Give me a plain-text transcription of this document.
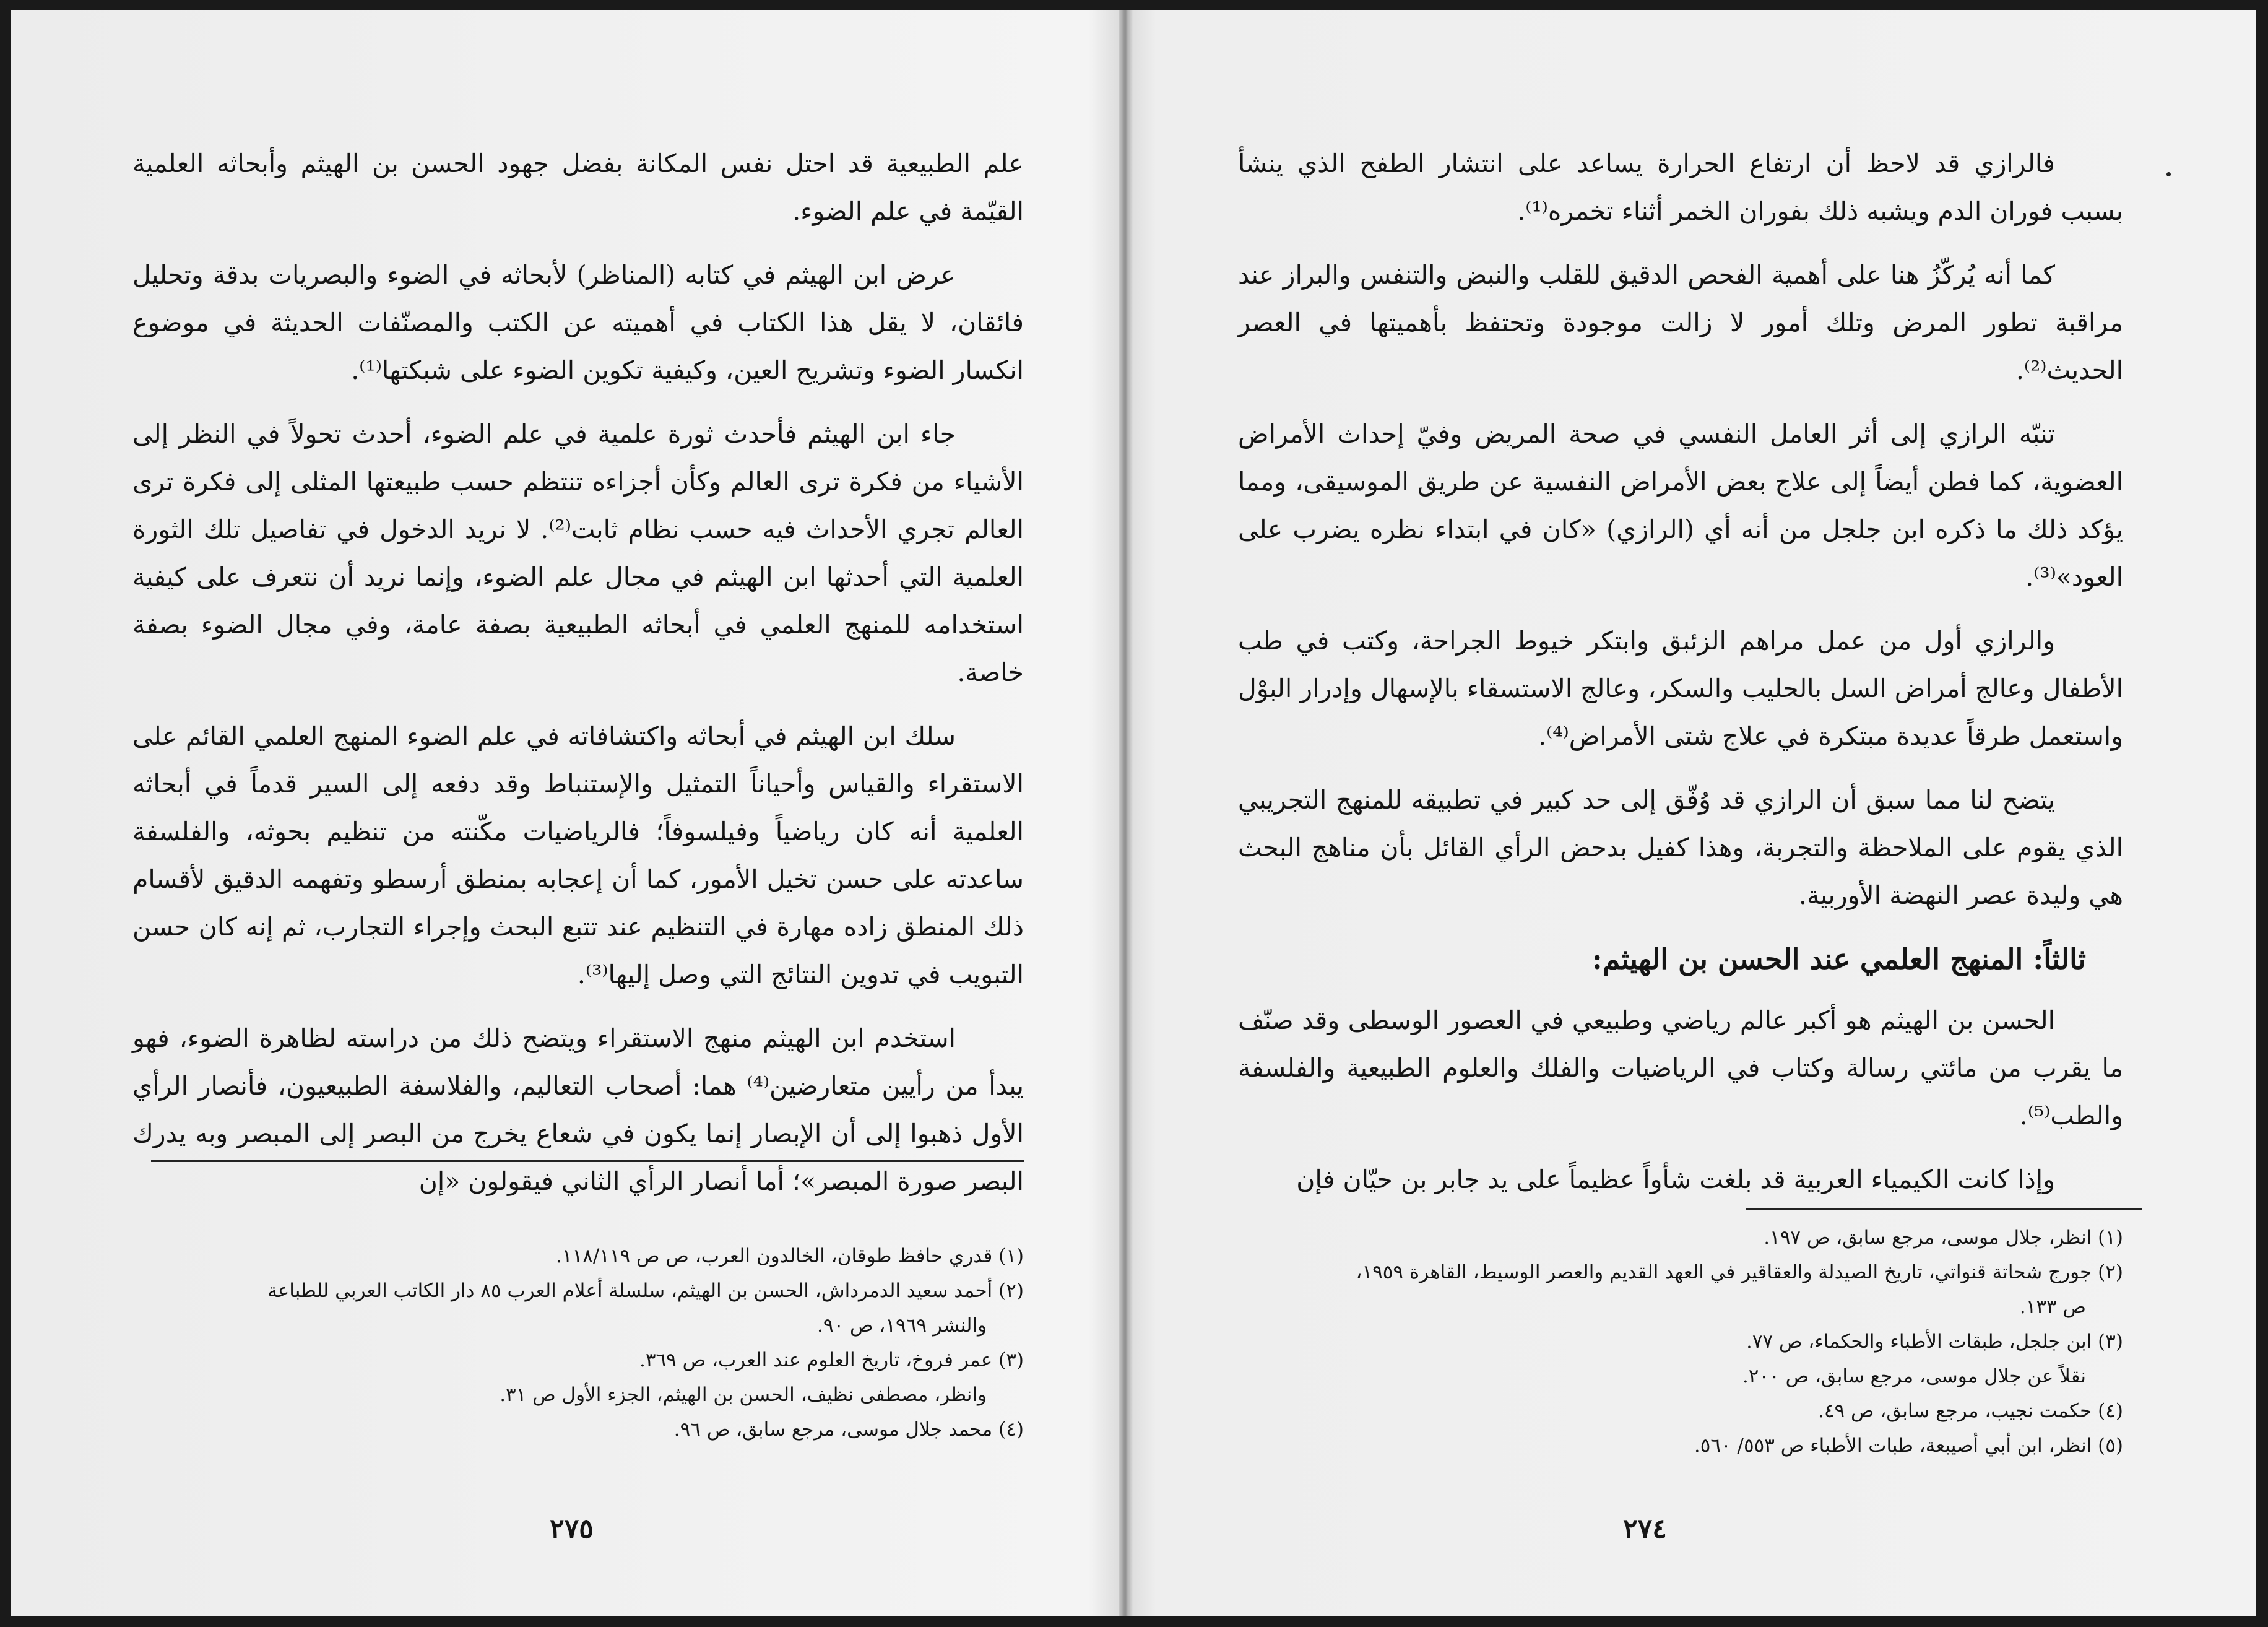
علم الطبيعية قد احتل نفس المكانة بفضل جهود الحسن بن الهيثم وأبحاثه العلمية القيّمة في علم الضوء.

عرض ابن الهيثم في كتابه (المناظر) لأبحاثه في الضوء والبصريات بدقة وتحليل فائقان، لا يقل هذا الكتاب في أهميته عن الكتب والمصنّفات الحديثة في موضوع انكسار الضوء وتشريح العين، وكيفية تكوين الضوء على شبكتها⁽¹⁾.

جاء ابن الهيثم فأحدث ثورة علمية في علم الضوء، أحدث تحولاً في النظر إلى الأشياء من فكرة ترى العالم وكأن أجزاءه تنتظم حسب طبيعتها المثلى إلى فكرة ترى العالم تجري الأحداث فيه حسب نظام ثابت⁽²⁾. لا نريد الدخول في تفاصيل تلك الثورة العلمية التي أحدثها ابن الهيثم في مجال علم الضوء، وإنما نريد أن نتعرف على كيفية استخدامه للمنهج العلمي في أبحاثه الطبيعية بصفة عامة، وفي مجال الضوء بصفة خاصة.

سلك ابن الهيثم في أبحاثه واكتشافاته في علم الضوء المنهج العلمي القائم على الاستقراء والقياس وأحياناً التمثيل والإستنباط وقد دفعه إلى السير قدماً في أبحاثه العلمية أنه كان رياضياً وفيلسوفاً؛ فالرياضيات مكّنته من تنظيم بحوثه، والفلسفة ساعدته على حسن تخيل الأمور، كما أن إعجابه بمنطق أرسطو وتفهمه الدقيق لأقسام ذلك المنطق زاده مهارة في التنظيم عند تتبع البحث وإجراء التجارب، ثم إنه كان حسن التبويب في تدوين النتائج التي وصل إليها⁽³⁾.

استخدم ابن الهيثم منهج الاستقراء ويتضح ذلك من دراسته لظاهرة الضوء، فهو يبدأ من رأيين متعارضين⁽⁴⁾ هما: أصحاب التعاليم، والفلاسفة الطبيعيون، فأنصار الرأي الأول ذهبوا إلى أن الإبصار إنما يكون في شعاع يخرج من البصر إلى المبصر وبه يدرك البصر صورة المبصر»؛ أما أنصار الرأي الثاني فيقولون «إن

(١) قدري حافظ طوقان، الخالدون العرب، ص ص ١١٨/١١٩.

(٢) أحمد سعيد الدمرداش، الحسن بن الهيثم، سلسلة أعلام العرب ٨٥ دار الكاتب العربي للطباعة

والنشر ١٩٦٩، ص ٩٠.

(٣) عمر فروخ، تاريخ العلوم عند العرب، ص ٣٦٩.

وانظر، مصطفى نظيف، الحسن بن الهيثم، الجزء الأول ص ٣١.

(٤) محمد جلال موسى، مرجع سابق، ص ٩٦.

٢٧٥

فالرازي قد لاحظ أن ارتفاع الحرارة يساعد على انتشار الطفح الذي ينشأ بسبب فوران الدم ويشبه ذلك بفوران الخمر أثناء تخمره⁽¹⁾.

كما أنه يُركّزُ هنا على أهمية الفحص الدقيق للقلب والنبض والتنفس والبراز عند مراقبة تطور المرض وتلك أمور لا زالت موجودة وتحتفظ بأهميتها في العصر الحديث⁽²⁾.

تنبّه الرازي إلى أثر العامل النفسي في صحة المريض وفيّ إحداث الأمراض العضوية، كما فطن أيضاً إلى علاج بعض الأمراض النفسية عن طريق الموسيقى، ومما يؤكد ذلك ما ذكره ابن جلجل من أنه أي (الرازي) «كان في ابتداء نظره يضرب على العود»⁽³⁾.

والرازي أول من عمل مراهم الزئبق وابتكر خيوط الجراحة، وكتب في طب الأطفال وعالج أمراض السل بالحليب والسكر، وعالج الاستسقاء بالإسهال وإدرار البوْل واستعمل طرقاً عديدة مبتكرة في علاج شتى الأمراض⁽⁴⁾.

يتضح لنا مما سبق أن الرازي قد وُفّق إلى حد كبير في تطبيقه للمنهج التجريبي الذي يقوم على الملاحظة والتجربة، وهذا كفيل بدحض الرأي القائل بأن مناهج البحث هي وليدة عصر النهضة الأوربية.

ثالثاً: المنهج العلمي عند الحسن بن الهيثم:

الحسن بن الهيثم هو أكبر عالم رياضي وطبيعي في العصور الوسطى وقد صنّف ما يقرب من مائتي رسالة وكتاب في الرياضيات والفلك والعلوم الطبيعية والفلسفة والطب⁽⁵⁾.

وإذا كانت الكيمياء العربية قد بلغت شأواً عظيماً على يد جابر بن حيّان فإن

(١) انظر، جلال موسى، مرجع سابق، ص ١٩٧.

(٢) جورج شحاتة قنواتي، تاريخ الصيدلة والعقاقير في العهد القديم والعصر الوسيط، القاهرة ١٩٥٩،

ص ١٣٣.

(٣) ابن جلجل، طبقات الأطباء والحكماء، ص ٧٧.

نقلاً عن جلال موسى، مرجع سابق، ص ٢٠٠.

(٤) حكمت نجيب، مرجع سابق، ص ٤٩.

(٥) انظر، ابن أبي أصيبعة، طبات الأطباء ص ٥٥٣/ ٥٦٠.

٢٧٤
